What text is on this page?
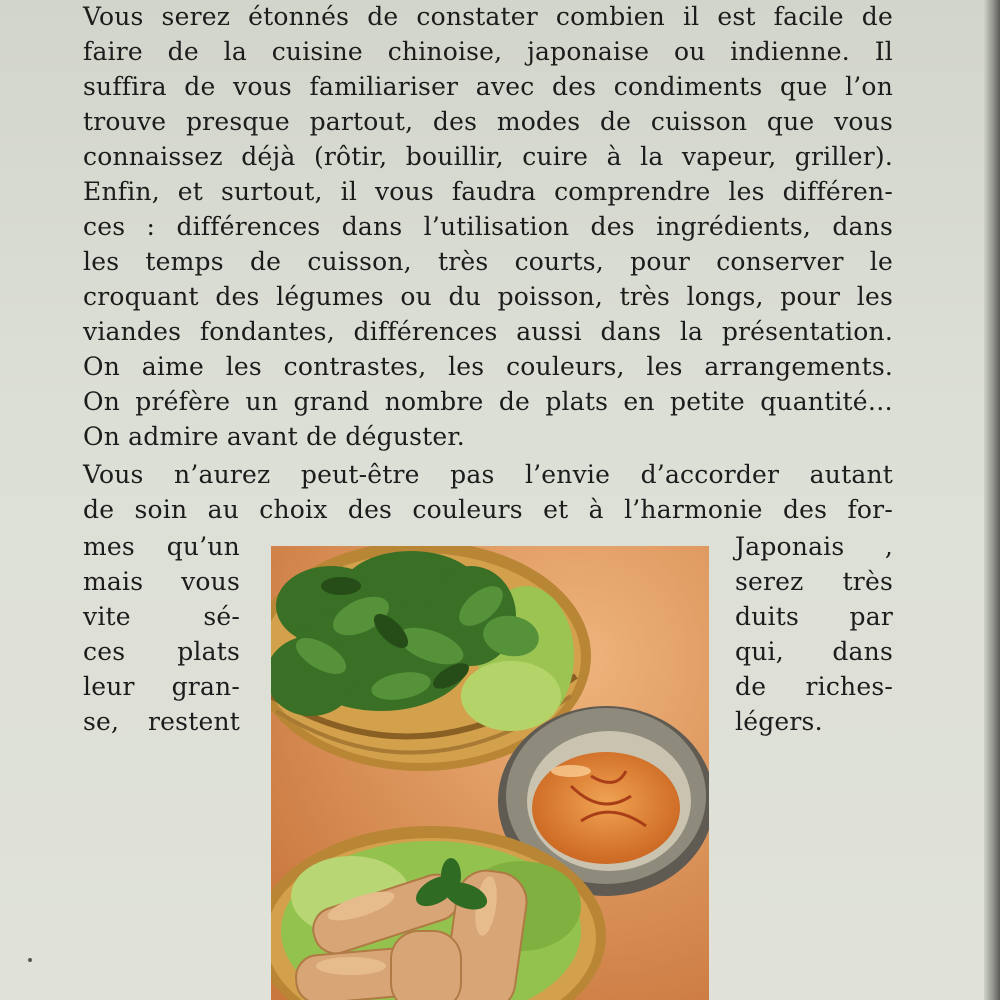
Vous serez étonnés de constater combien il est facile de
faire de la cuisine chinoise, japonaise ou indienne. Il
suffira de vous familiariser avec des condiments que l’on
trouve presque partout, des modes de cuisson que vous
connaissez déjà (rôtir, bouillir, cuire à la vapeur, griller).
Enfin, et surtout, il vous faudra comprendre les différen-
ces : différences dans l’utilisation des ingrédients, dans
les temps de cuisson, très courts, pour conserver le
croquant des légumes ou du poisson, très longs, pour les
viandes fondantes, différences aussi dans la présentation.
On aime les contrastes, les couleurs, les arrangements.
On préfère un grand nombre de plats en petite quantité…
On admire avant de déguster.
Vous n’aurez peut-être pas l’envie d’accorder autant
de soin au choix des couleurs et à l’harmonie des for-
mes qu’un
mais vous
vite sé-
ces plats
leur gran-
se, restent
Japonais ,
serez très
duits par
qui, dans
de riches-
légers.
